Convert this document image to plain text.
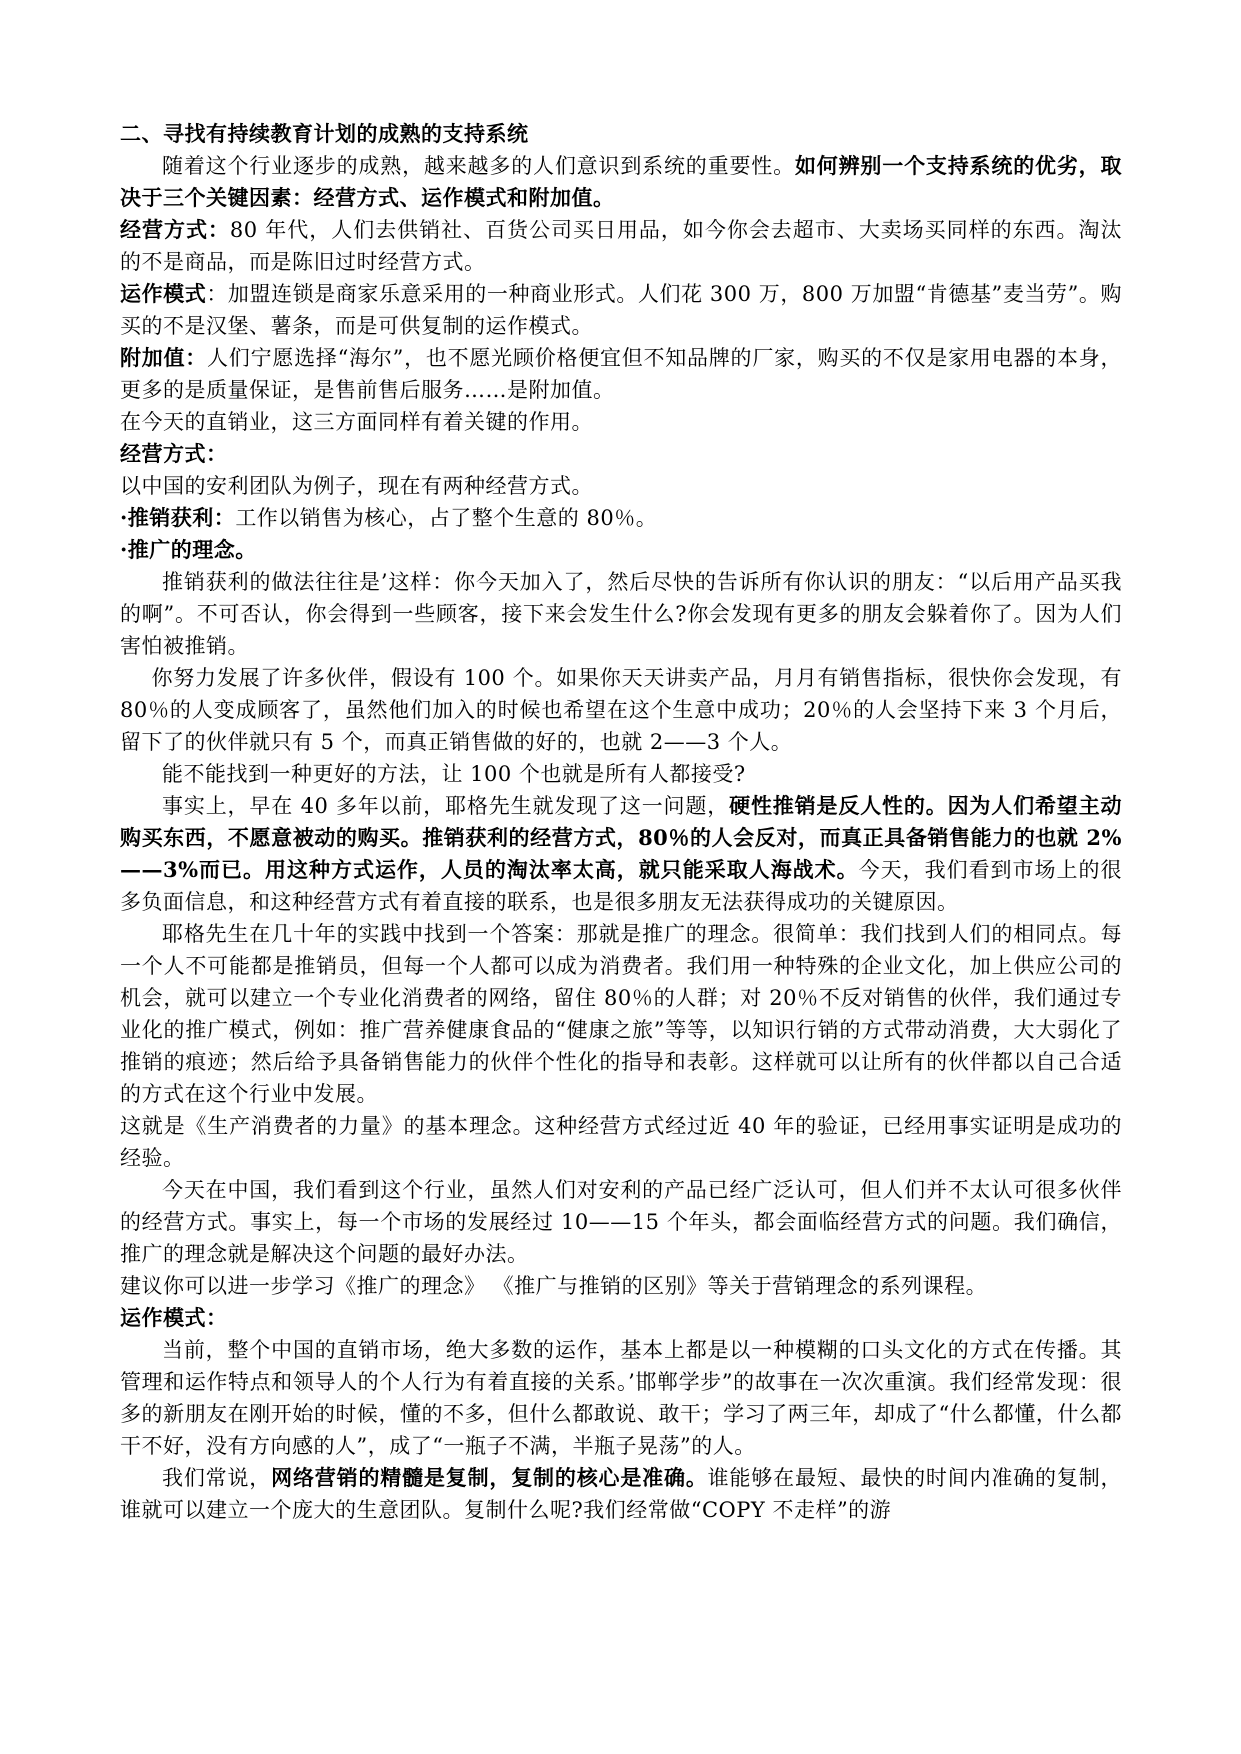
二、寻找有持续教育计划的成熟的支持系统

随着这个行业逐步的成熟，越来越多的人们意识到系统的重要性。如何辨别一个支持系统的优劣，取决于三个关键因素：经营方式、运作模式和附加值。

经营方式：80 年代，人们去供销社、百货公司买日用品，如今你会去超市、大卖场买同样的东西。淘汰的不是商品，而是陈旧过时经营方式。

运作模式：加盟连锁是商家乐意采用的一种商业形式。人们花 300 万，800 万加盟“肯德基”麦当劳”。购买的不是汉堡、薯条，而是可供复制的运作模式。

附加值：人们宁愿选择“海尔”，也不愿光顾价格便宜但不知品牌的厂家，购买的不仅是家用电器的本身，更多的是质量保证，是售前售后服务……是附加值。

在今天的直销业，这三方面同样有着关键的作用。

经营方式：

以中国的安利团队为例子，现在有两种经营方式。

·推销获利：工作以销售为核心，占了整个生意的 80％。

·推广的理念。

推销获利的做法往往是’这样：你今天加入了，然后尽快的告诉所有你认识的朋友：“以后用产品买我的啊”。不可否认，你会得到一些顾客，接下来会发生什么?你会发现有更多的朋友会躲着你了。因为人们害怕被推销。

你努力发展了许多伙伴，假设有 100 个。如果你天天讲卖产品，月月有销售指标，很快你会发现，有 80％的人变成顾客了，虽然他们加入的时候也希望在这个生意中成功；20％的人会坚持下来 3 个月后，留下了的伙伴就只有 5 个，而真正销售做的好的，也就 2——3 个人。

能不能找到一种更好的方法，让 100 个也就是所有人都接受?

事实上，早在 40 多年以前，耶格先生就发现了这一问题，硬性推销是反人性的。因为人们希望主动购买东西，不愿意被动的购买。推销获利的经营方式，80％的人会反对，而真正具备销售能力的也就 2%——3%而已。用这种方式运作，人员的淘汰率太高，就只能采取人海战术。今天，我们看到市场上的很多负面信息，和这种经营方式有着直接的联系，也是很多朋友无法获得成功的关键原因。

耶格先生在几十年的实践中找到一个答案：那就是推广的理念。很简单：我们找到人们的相同点。每一个人不可能都是推销员，但每一个人都可以成为消费者。我们用一种特殊的企业文化，加上供应公司的机会，就可以建立一个专业化消费者的网络，留住 80％的人群；对 20％不反对销售的伙伴，我们通过专业化的推广模式，例如：推广营养健康食品的“健康之旅”等等，以知识行销的方式带动消费，大大弱化了推销的痕迹；然后给予具备销售能力的伙伴个性化的指导和表彰。这样就可以让所有的伙伴都以自己合适的方式在这个行业中发展。

这就是《生产消费者的力量》的基本理念。这种经营方式经过近 40 年的验证，已经用事实证明是成功的经验。

今天在中国，我们看到这个行业，虽然人们对安利的产品已经广泛认可，但人们并不太认可很多伙伴的经营方式。事实上，每一个市场的发展经过 10——15 个年头，都会面临经营方式的问题。我们确信，推广的理念就是解决这个问题的最好办法。

建议你可以进一步学习《推广的理念》 《推广与推销的区别》等关于营销理念的系列课程。

运作模式：

当前，整个中国的直销市场，绝大多数的运作，基本上都是以一种模糊的口头文化的方式在传播。其管理和运作特点和领导人的个人行为有着直接的关系。’邯郸学步”的故事在一次次重演。我们经常发现：很多的新朋友在刚开始的时候，懂的不多，但什么都敢说、敢干；学习了两三年，却成了“什么都懂，什么都干不好，没有方向感的人”，成了“一瓶子不满，半瓶子晃荡”的人。

我们常说，网络营销的精髓是复制，复制的核心是准确。谁能够在最短、最快的时间内准确的复制，谁就可以建立一个庞大的生意团队。复制什么呢?我们经常做“COPY 不走样”的游
